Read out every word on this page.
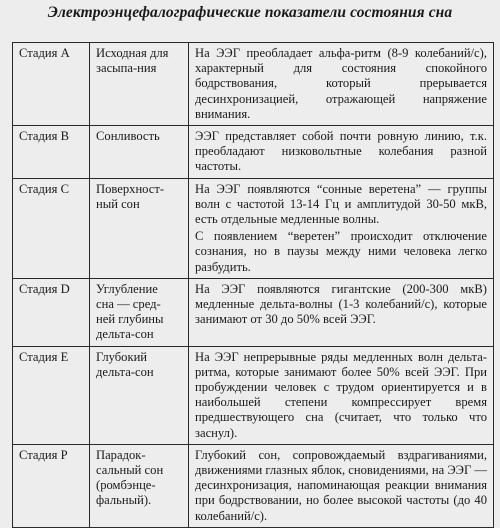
Электроэнцефалографические показатели состояния сна
Стадия А	Исходная для засыпа-ния	На ЭЭГ преобладает альфа-ритм (8-9 колебаний/с), характерный для состояния спокойного бодрствования, который прерывается десинхронизацией, отражающей напряжение внимания.

Стадия В	Сонливость	ЭЭГ представляет собой почти ровную линию, т.к. преобладают низковольтные колебания разной частоты.

Стадия С	Поверхност-ный сон	На ЭЭГ появляются “сонные веретена” — группы волн с частотой 13-14 Гц и амплитудой 30-50 мкВ, есть отдельные медленные волны.

С появлением “веретен” происходит отключение сознания, но в паузы между ними человека легко разбудить.

Стадия D	Углубление сна — сред-ней глубины дельта-сон	На ЭЭГ появляются гигантские (200-300 мкВ) медленные дельта-волны (1-3 колебаний/с), которые занимают от 30 до 50% всей ЭЭГ.

Стадия Е	Глубокий дельта-сон	На ЭЭГ непрерывные ряды медленных волн дельта-ритма, которые занимают более 50% всей ЭЭГ. При пробуждении человек с трудом ориентируется и в наибольшей степени компрессирует время предшествующего сна (считает, что только что заснул).

Стадия Р	Парадок-сальный сон (ромбэнце-фальный).	Глубокий сон, сопровождаемый вздрагиваниями, движениями глазных яблок, сновидениями, на ЭЭГ — десинхронизация, напоминающая реакции внимания при бодрствовании, но более высокой частоты (до 40 колебаний/с).
